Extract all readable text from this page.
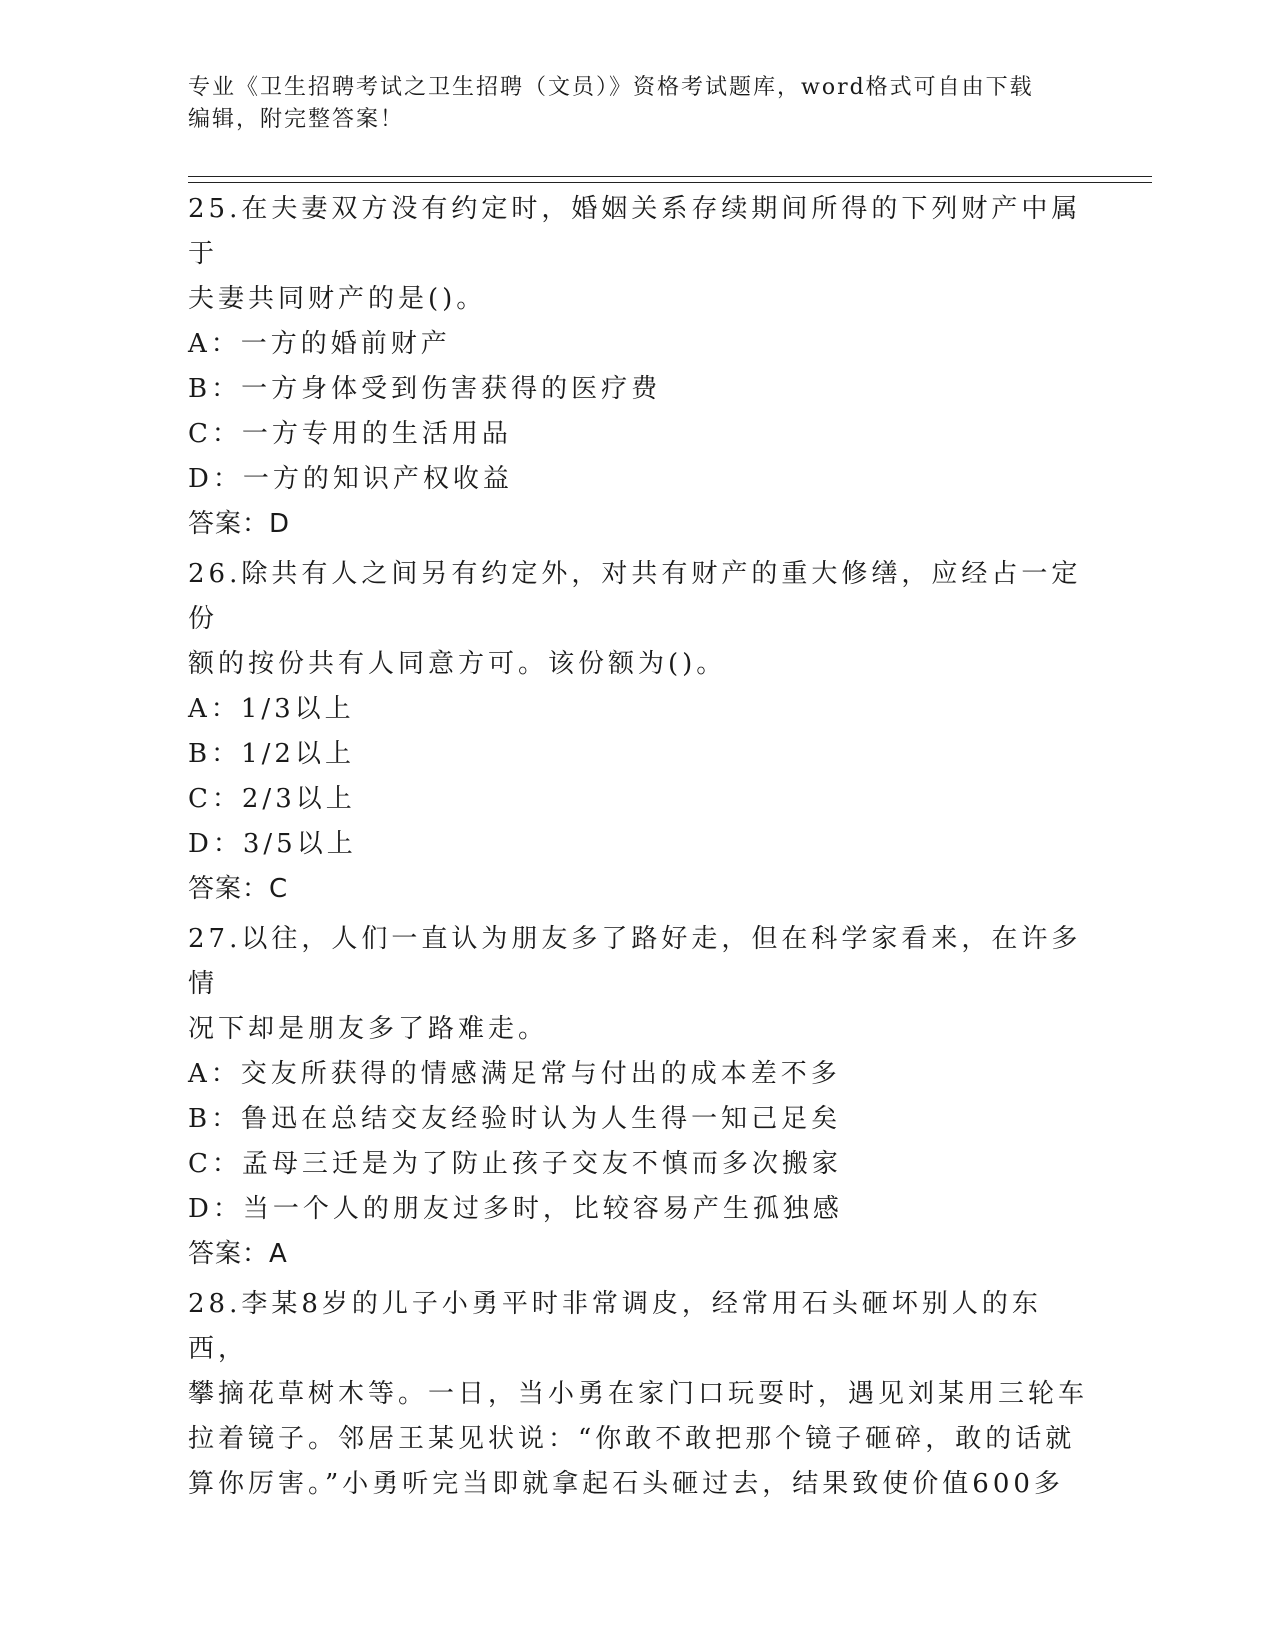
专业《卫生招聘考试之卫生招聘（文员）》资格考试题库，word格式可自由下载
编辑，附完整答案！
25.在夫妻双方没有约定时，婚姻关系存续期间所得的下列财产中属于
夫妻共同财产的是()。
A：一方的婚前财产
B：一方身体受到伤害获得的医疗费
C：一方专用的生活用品
D：一方的知识产权收益
答案：D
26.除共有人之间另有约定外，对共有财产的重大修缮，应经占一定份
额的按份共有人同意方可。该份额为()。
A：1/3以上
B：1/2以上
C：2/3以上
D：3/5以上
答案：C
27.以往，人们一直认为朋友多了路好走，但在科学家看来，在许多情
况下却是朋友多了路难走。
A：交友所获得的情感满足常与付出的成本差不多
B：鲁迅在总结交友经验时认为人生得一知己足矣
C：孟母三迁是为了防止孩子交友不慎而多次搬家
D：当一个人的朋友过多时，比较容易产生孤独感
答案：A
28.李某8岁的儿子小勇平时非常调皮，经常用石头砸坏别人的东西，
攀摘花草树木等。一日，当小勇在家门口玩耍时，遇见刘某用三轮车
拉着镜子。邻居王某见状说：“你敢不敢把那个镜子砸碎，敢的话就
算你厉害。”小勇听完当即就拿起石头砸过去，结果致使价值600多
